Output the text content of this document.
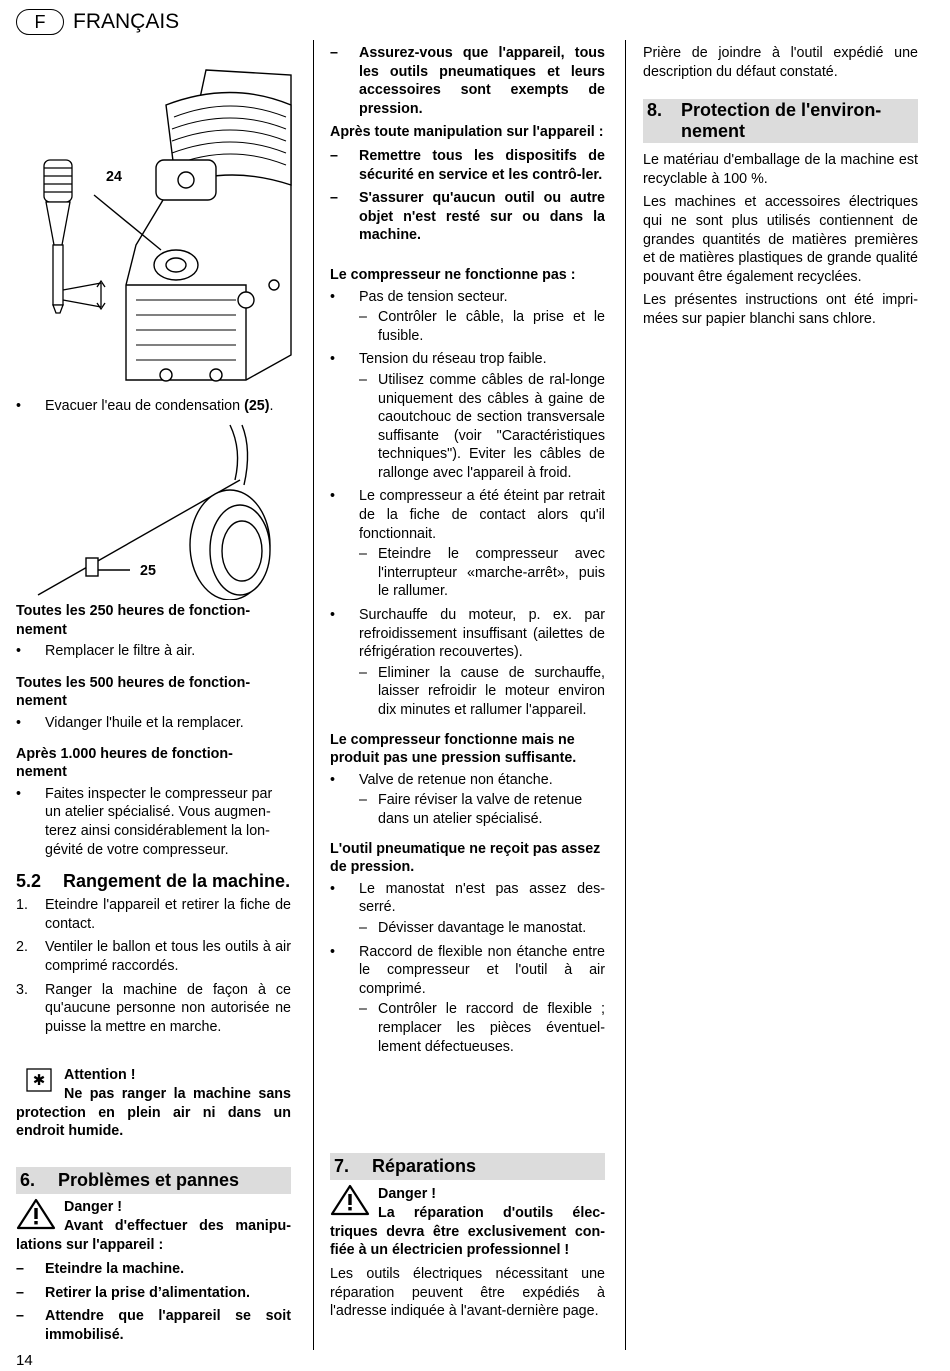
F	FRANÇAIS
24
•	Evacuer l'eau de condensation (25).
25

Toutes les 250 heures de fonction-
nement

•	Remplacer le filtre à air.

Toutes les 500 heures de fonction-
nement

•	Vidanger l'huile et la remplacer.

Après 1.000 heures de fonction-
nement

•	Faites inspecter le compresseur par un atelier spécialisé. Vous augmen-terez ainsi considérablement la lon-gévité de votre compresseur.
5.2	Rangement de la machine.
1.	Eteindre l'appareil et retirer la fiche de contact.
2.	Ventiler le ballon et tous les outils à air comprimé raccordés.
3.	Ranger la machine de façon à ce qu'aucune personne non autorisée ne puisse la mettre en marche.
✱ Attention !
Ne pas ranger la machine sans protection en plein air ni dans un endroit humide.
6.	Problèmes et pannes
Danger !
Avant d'effectuer des manipu-lations sur l'appareil :
–	Eteindre la machine.
–	Retirer la prise d’alimentation.
–	Attendre que l'appareil se soit immobilisé.
14
–	Assurez-vous que l'appareil, tous les outils pneumatiques et leurs accessoires sont exempts de pression.

Après toute manipulation sur l'appareil :

–	Remettre tous les dispositifs de sécurité en service et les contrô-ler.
–	S'assurer qu'aucun outil ou autre objet n'est resté sur ou dans la machine.

Le compresseur ne fonctionne pas :

•	Pas de tension secteur.

– Contrôler le câble, la prise et le fusible.
•	Tension du réseau trop faible.

– Utilisez comme câbles de ral-longe uniquement des câbles à gaine de caoutchouc de section transversale suffisante (voir "Caractéristiques techniques"). Eviter les câbles de rallonge avec l'appareil à froid.
•	Le compresseur a été éteint par retrait de la fiche de contact alors qu'il fonctionnait.

– Eteindre le compresseur avec l'interrupteur «marche-arrêt», puis le rallumer.
•	Surchauffe du moteur, p. ex. par refroidissement insuffisant (ailettes de réfrigération recouvertes).

– Eliminer la cause de surchauffe, laisser refroidir le moteur environ dix minutes et rallumer l'appareil.

Le compresseur fonctionne mais ne produit pas une pression suffisante.

•	Valve de retenue non étanche.

– Faire réviser la valve de retenue dans un atelier spécialisé.

L'outil pneumatique ne reçoit pas assez de pression.

•	Le manostat n'est pas assez des-serré.

– Dévisser davantage le manostat.
•	Raccord de flexible non étanche entre le compresseur et l'outil à air comprimé.

– Contrôler le raccord de flexible ; remplacer les pièces éventuel-lement défectueuses.
7.	Réparations
Danger !
La réparation d'outils élec-triques devra être exclusivement con-fiée à un électricien professionnel !
Les outils électriques nécessitant une réparation peuvent être expédiés à l'adresse indiquée à l'avant-dernière page.

Prière de joindre à l'outil expédié une description du défaut constaté.

8.	Protection de l'environ-nement

Le matériau d'emballage de la machine est recyclable à 100 %.

Les machines et accessoires électriques qui ne sont plus utilisés contiennent de grandes quantités de matières premières et de matières plastiques de grande qualité pouvant être également recyclées.

Les présentes instructions ont été impri-mées sur papier blanchi sans chlore.
